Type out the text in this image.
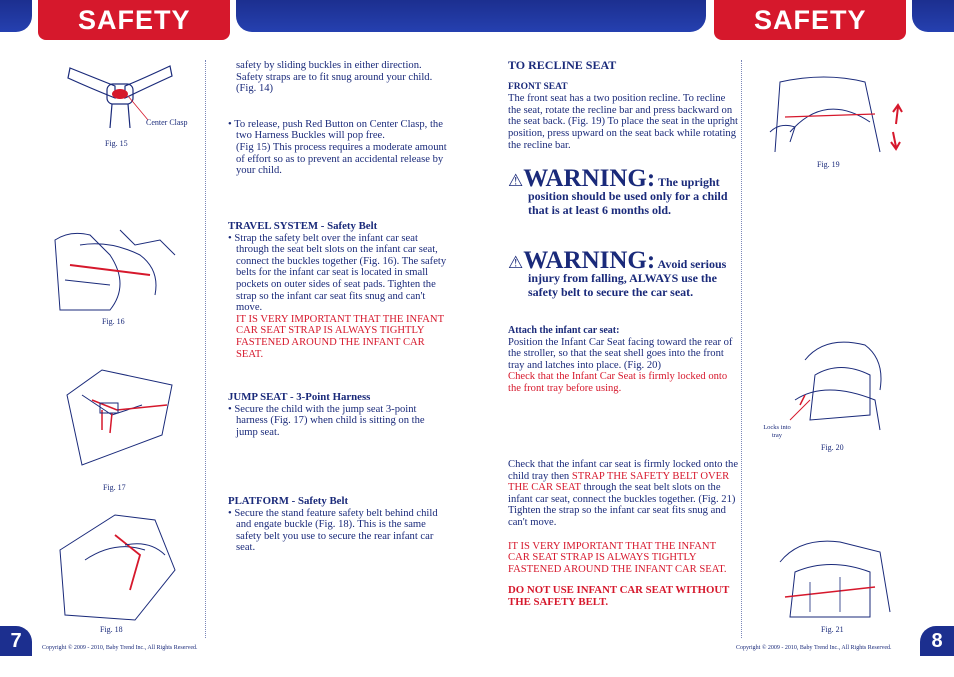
SAFETY	SAFETY
Center Clasp
Fig. 15
Fig. 16
Fig. 17
Fig. 18
safety by sliding buckles in either direction. Safety straps are to fit snug around your child. (Fig. 14)
• To release, push Red Button on Center Clasp, the two Harness Buckles will pop free.
(Fig 15) This process requires a moderate amount of effort so as to prevent an accidental release by your child.
TRAVEL SYSTEM - Safety Belt
• Strap the safety belt over the infant car seat through the seat belt slots on the infant car seat, connect the buckles together (Fig. 16). The safety belts for the infant car seat is located in small pockets on outer sides of seat pads. Tighten the strap so the infant car seat fits snug and can't move.
IT IS VERY IMPORTANT THAT THE INFANT CAR SEAT STRAP IS ALWAYS TIGHTLY FASTENED AROUND THE INFANT CAR SEAT.
JUMP SEAT - 3-Point Harness
• Secure the child with the jump seat 3-point harness (Fig. 17) when child is sitting on the jump seat.
PLATFORM - Safety Belt
• Secure the stand feature safety belt behind child and engate buckle (Fig. 18). This is the same safety belt you use to secure the rear infant car seat.
TO RECLINE SEAT
FRONT SEAT
The front seat has a two position recline. To recline the seat, rotate the recline bar and press backward on the seat back. (Fig. 19) To place the seat in the upright position, press upward on the seat back while rotating the recline bar.
⚠WARNING: The upright
position should be used only for a child that is at least 6 months old.
⚠WARNING: Avoid serious
injury from falling, ALWAYS use the safety belt to secure the car seat.
Attach the infant car seat:
Position the Infant Car Seat facing toward the rear of the stroller, so that the seat shell goes into the front tray and latches into place. (Fig. 20)
Check that the Infant Car Seat is firmly locked onto the front tray before using.
Check that the infant car seat is firmly locked onto the child tray then STRAP THE SAFETY BELT OVER THE CAR SEAT through the seat belt slots on the infant car seat, connect the buckles together. (Fig. 21) Tighten the strap so the infant car seat fits snug and can't move.
IT IS VERY IMPORTANT THAT THE INFANT CAR SEAT STRAP IS ALWAYS TIGHTLY FASTENED AROUND THE INFANT CAR SEAT.
DO NOT USE INFANT CAR SEAT WITHOUT THE SAFETY BELT.
Fig. 19
Locks into tray
Fig. 20
Fig. 21
7	Copyright © 2009 - 2010, Baby Trend Inc., All Rights Reserved.	Copyright © 2009 - 2010, Baby Trend Inc., All Rights Reserved.	8
